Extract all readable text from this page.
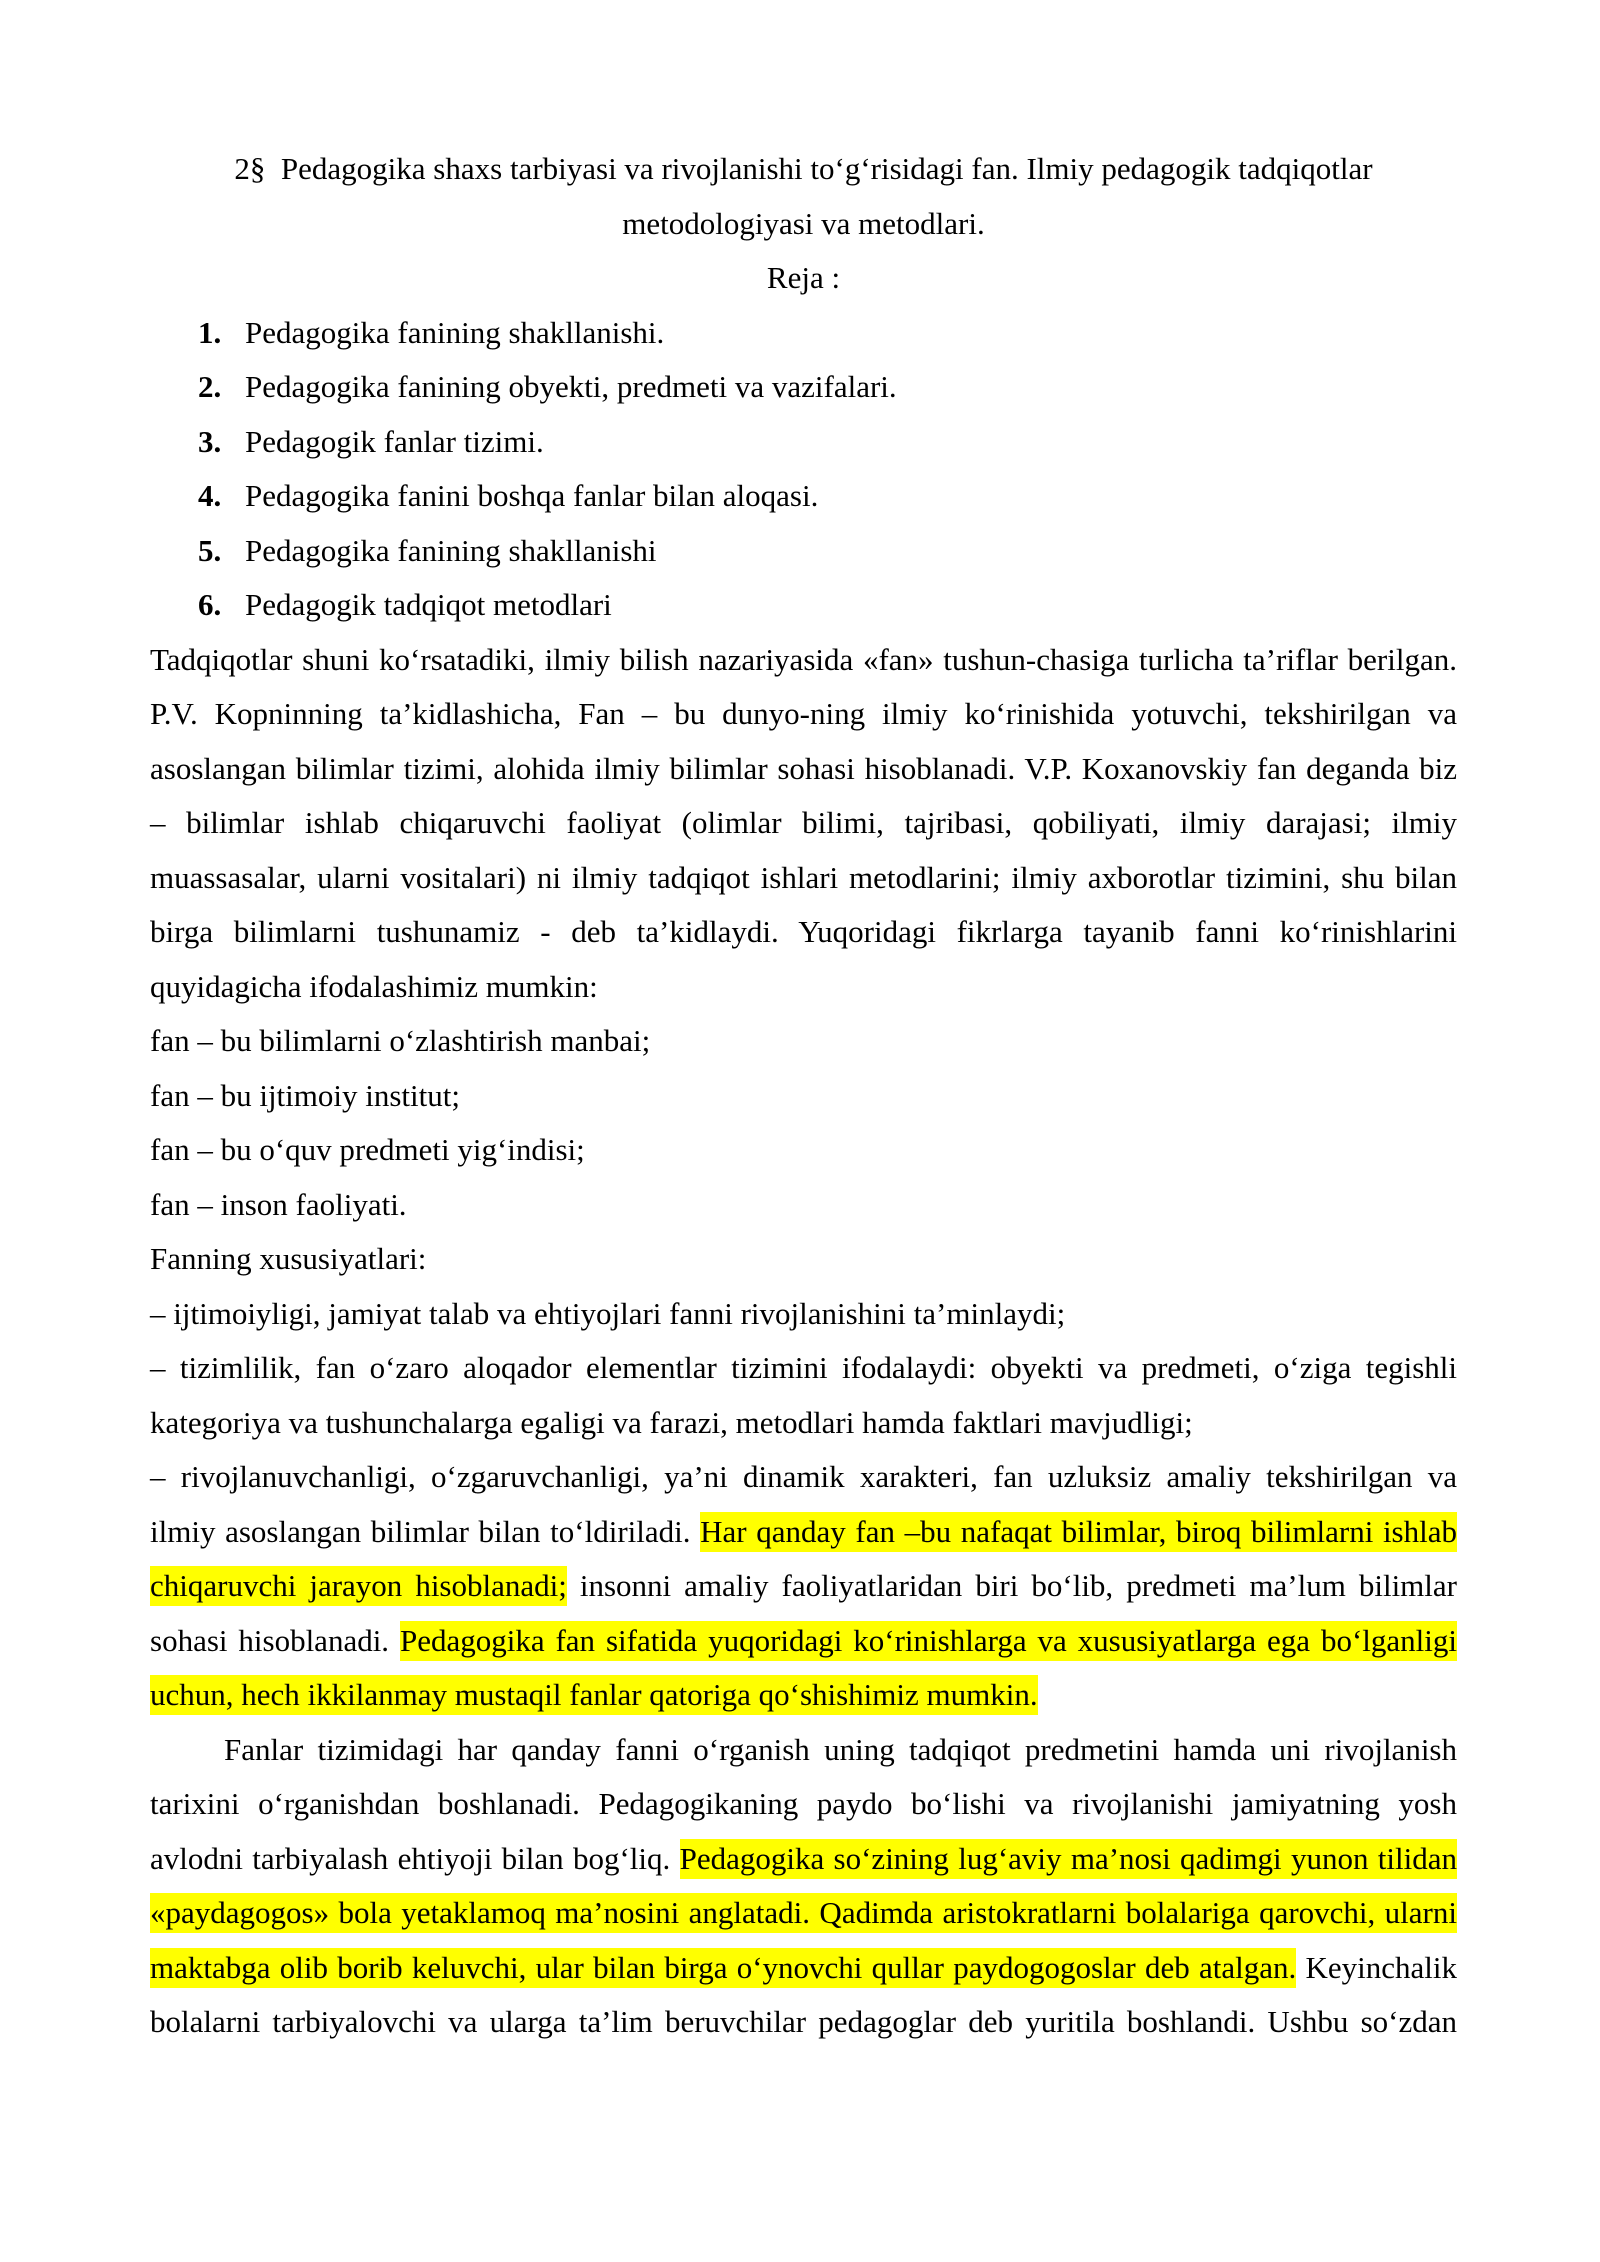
2§  Pedagogika shaxs tarbiyasi va rivojlanishi to‘g‘risidagi fan. Ilmiy pedagogik tadqiqotlar
metodologiyasi va metodlari.
Reja :
1. Pedagogika fanining shakllanishi.
2. Pedagogika fanining obyekti, predmeti va vazifalari.
3. Pedagogik fanlar tizimi.
4. Pedagogika fanini boshqa fanlar bilan aloqasi.
5. Pedagogika fanining shakllanishi
6. Pedagogik tadqiqot metodlari
Tadqiqotlar shuni ko‘rsatadiki, ilmiy bilish nazariyasida «fan» tushun-chasiga turlicha ta’riflar berilgan.
P.V. Kopninning ta’kidlashicha, Fan – bu dunyo-ning ilmiy ko‘rinishida yotuvchi, tekshirilgan va
asoslangan bilimlar tizimi, alohida ilmiy bilimlar sohasi hisoblanadi. V.P. Koxanovskiy fan deganda biz
– bilimlar ishlab chiqaruvchi faoliyat (olimlar bilimi, tajribasi, qobiliyati, ilmiy darajasi; ilmiy
muassasalar, ularni vositalari) ni ilmiy tadqiqot ishlari metodlarini; ilmiy axborotlar tizimini, shu bilan
birga bilimlarni tushunamiz - deb ta’kidlaydi. Yuqoridagi fikrlarga tayanib fanni ko‘rinishlarini
quyidagicha ifodalashimiz mumkin:
fan – bu bilimlarni o‘zlashtirish manbai;
fan – bu ijtimoiy institut;
fan – bu o‘quv predmeti yig‘indisi;
fan – inson faoliyati.
Fanning xususiyatlari:
– ijtimoiyligi, jamiyat talab va ehtiyojlari fanni rivojlanishini ta’minlaydi;
– tizimlilik, fan o‘zaro aloqador elementlar tizimini ifodalaydi: obyekti va predmeti, o‘ziga tegishli
kategoriya va tushunchalarga egaligi va farazi, metodlari hamda faktlari mavjudligi;
– rivojlanuvchanligi, o‘zgaruvchanligi, ya’ni dinamik xarakteri, fan uzluksiz amaliy tekshirilgan va
ilmiy asoslangan bilimlar bilan to‘ldiriladi. Har qanday fan –bu nafaqat bilimlar, biroq bilimlarni ishlab
chiqaruvchi jarayon hisoblanadi; insonni amaliy faoliyatlaridan biri bo‘lib, predmeti ma’lum bilimlar
sohasi hisoblanadi. Pedagogika fan sifatida yuqoridagi ko‘rinishlarga va xususiyatlarga ega bo‘lganligi
uchun, hech ikkilanmay mustaqil fanlar qatoriga qo‘shishimiz mumkin.
Fanlar tizimidagi har qanday fanni o‘rganish uning tadqiqot predmetini hamda uni rivojlanish
tarixini o‘rganishdan boshlanadi. Pedagogikaning paydo bo‘lishi va rivojlanishi jamiyatning yosh
avlodni tarbiyalash ehtiyoji bilan bog‘liq. Pedagogika so‘zining lug‘aviy ma’nosi qadimgi yunon tilidan
«paydagogos» bola yetaklamoq ma’nosini anglatadi. Qadimda aristokratlarni bolalariga qarovchi, ularni
maktabga olib borib keluvchi, ular bilan birga o‘ynovchi qullar paydogogoslar deb atalgan. Keyinchalik
bolalarni tarbiyalovchi va ularga ta’lim beruvchilar pedagoglar deb yuritila boshlandi. Ushbu so‘zdan
